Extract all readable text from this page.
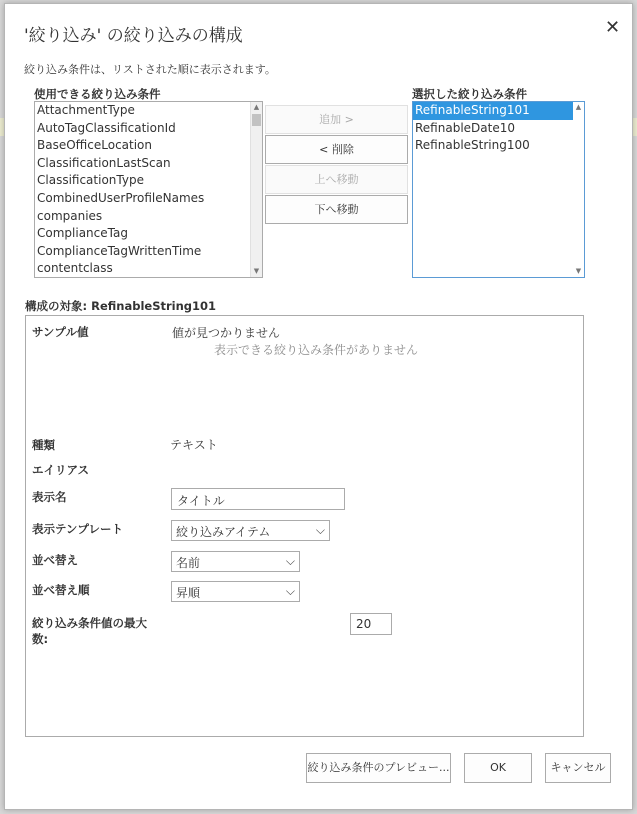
'絞り込み' の絞り込みの構成	✕
絞り込み条件は、リストされた順に表示されます。
使用できる絞り込み条件
AttachmentType
AutoTagClassificationId
BaseOfficeLocation
ClassificationLastScan
ClassificationType
CombinedUserProfileNames
companies
ComplianceTag
ComplianceTagWrittenTime
contentclass
▲
▼
追加 >
< 削除
上へ移動
下へ移動
選択した絞り込み条件
RefinableString101
RefinableDate10
RefinableString100
▲
▼
構成の対象: RefinableString101
サンプル値	値が見つかりません
表示できる絞り込み条件がありません
種類	テキスト
エイリアス
表示名	タイトル
表示テンプレート	絞り込みアイテム	⌵
並べ替え	名前	⌵
並べ替え順	昇順	⌵
絞り込み条件値の最大
数:
20
絞り込み条件のプレビュー...	OK	キャンセル
